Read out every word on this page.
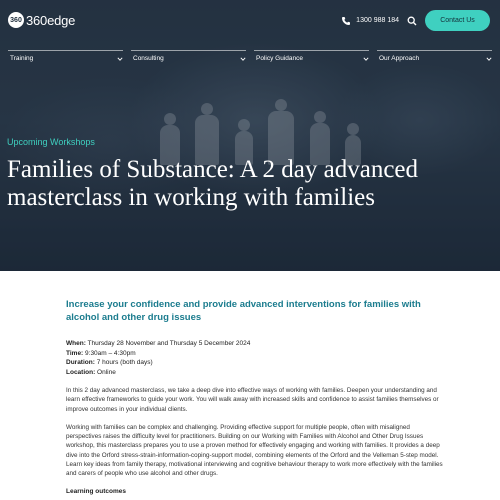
360 360edge	1300 988 184	Contact Us
Training	Consulting	Policy Guidance	Our Approach
Upcoming Workshops
Families of Substance: A 2 day advanced masterclass in working with families

Increase your confidence and provide advanced interventions for families with alcohol and other drug issues

When: Thursday 28 November and Thursday 5 December 2024
Time: 9:30am – 4:30pm
Duration: 7 hours (both days)
Location: Online

In this 2 day advanced masterclass, we take a deep dive into effective ways of working with families. Deepen your understanding and learn effective frameworks to guide your work. You will walk away with increased skills and confidence to assist families themselves or improve outcomes in your individual clients.

Working with families can be complex and challenging. Providing effective support for multiple people, often with misaligned perspectives raises the difficulty level for practitioners. Building on our Working with Families with Alcohol and Other Drug Issues workshop, this masterclass prepares you to use a proven method for effectively engaging and working with families. It provides a deep dive into the Orford stress-strain-information-coping-support model, combining elements of the Orford and the Velleman 5-step model. Learn key ideas from family therapy, motivational interviewing and cognitive behaviour therapy to work more effectively with the families and carers of people who use alcohol and other drugs.

Learning outcomes
